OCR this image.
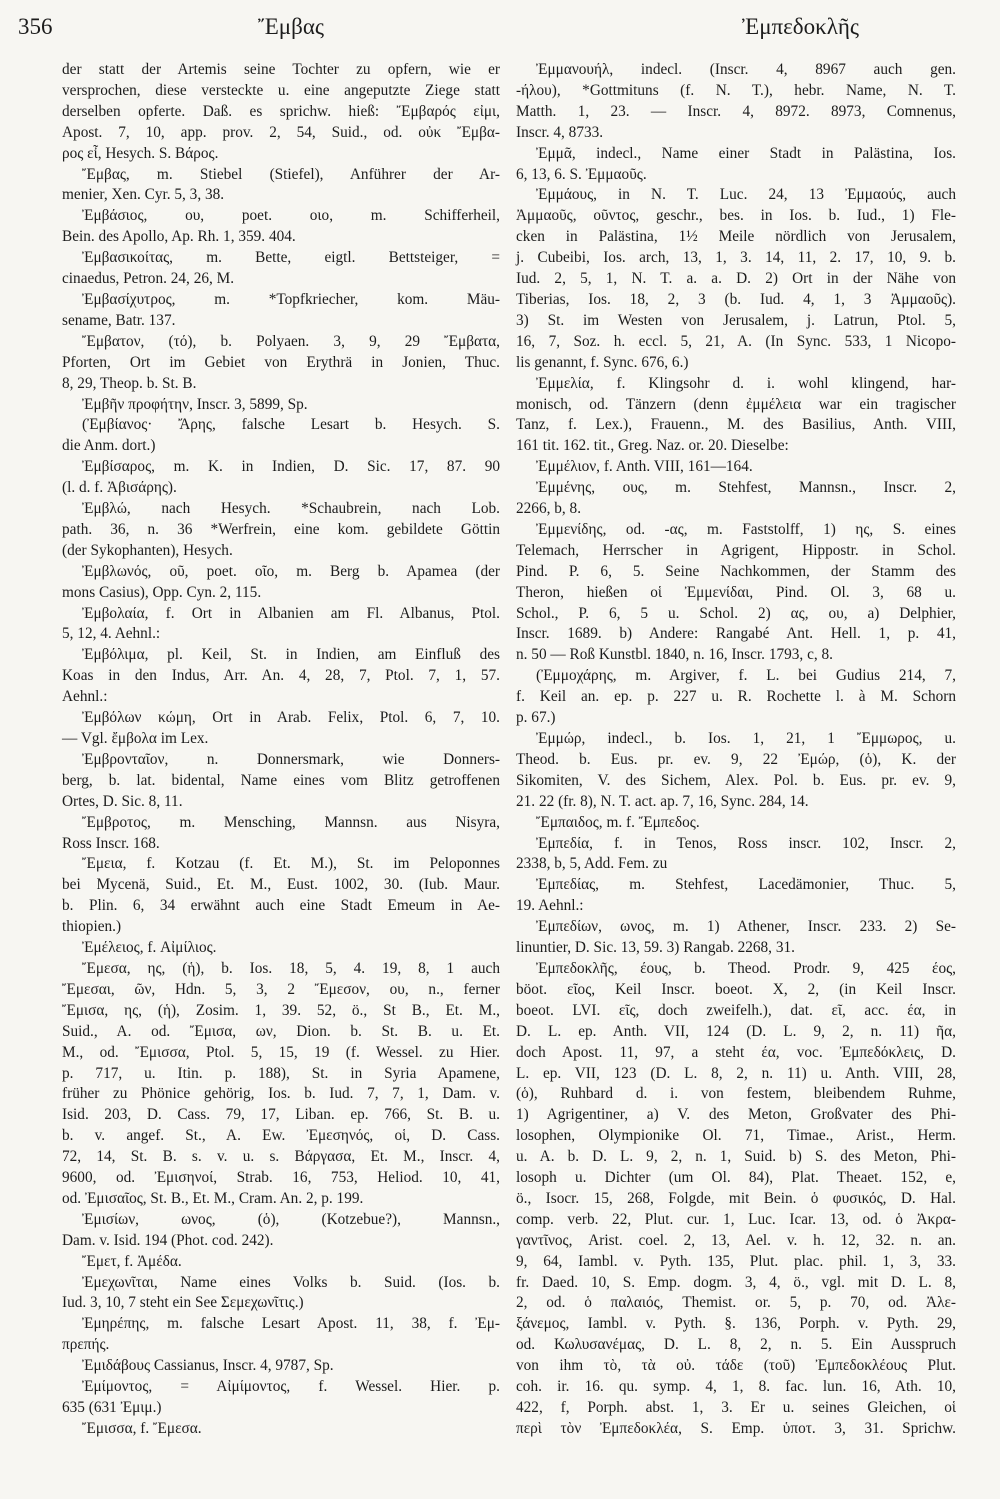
356	Ἔμβας	Ἐμπεδοκλῆς
der statt der Artemis seine Tochter zu opfern, wie er
versprochen, diese versteckte u. eine angeputzte Ziege statt
derselben opferte. Daß. es sprichw. hieß: Ἔμβαρός εἰμι,
Apost. 7, 10, app. prov. 2, 54, Suid., od. οὐκ Ἔμβα-
ρος εἶ, Hesych. S. Βάρος.
Ἔμβας, m. Stiebel (Stiefel), Anführer der Ar-
menier, Xen. Cyr. 5, 3, 38.
Ἐμβάσιος, ου, poet. οιο, m. Schifferheil,
Bein. des Apollo, Ap. Rh. 1, 359. 404.
Ἐμβασικοίτας, m. Bette, eigtl. Bettsteiger, =
cinaedus, Petron. 24, 26, M.
Ἐμβασίχυτρος, m. *Topfkriecher, kom. Mäu-
sename, Batr. 137.
Ἔμβατον, (τό), b. Polyaen. 3, 9, 29 Ἔμβατα,
Pforten, Ort im Gebiet von Erythrä in Jonien, Thuc.
8, 29, Theop. b. St. B.
Ἐμβῆν προφήτην, Inscr. 3, 5899, Sp.
(Ἐμβίανος· Ἄρης, falsche Lesart b. Hesych. S.
die Anm. dort.)
Ἐμβίσαρος, m. K. in Indien, D. Sic. 17, 87. 90
(l. d. f. Ἀβισάρης).
Ἐμβλώ, nach Hesych. *Schaubrein, nach Lob.
path. 36, n. 36 *Werfrein, eine kom. gebildete Göttin
(der Sykophanten), Hesych.
Ἐμβλωνός, οῦ, poet. οῖο, m. Berg b. Apamea (der
mons Casius), Opp. Cyn. 2, 115.
Ἐμβολαία, f. Ort in Albanien am Fl. Albanus, Ptol.
5, 12, 4. Aehnl.:
Ἐμβόλιμα, pl. Keil, St. in Indien, am Einfluß des
Koas in den Indus, Arr. An. 4, 28, 7, Ptol. 7, 1, 57.
Aehnl.:
Ἐμβόλων κώμη, Ort in Arab. Felix, Ptol. 6, 7, 10.
— Vgl. ἔμβολα im Lex.
Ἐμβρονταῖον, n. Donnersmark, wie Donners-
berg, b. lat. bidental, Name eines vom Blitz getroffenen
Ortes, D. Sic. 8, 11.
Ἔμβροτος, m. Mensching, Mannsn. aus Nisyra,
Ross Inscr. 168.
Ἔμεια, f. Kotzau (f. Et. M.), St. im Peloponnes
bei Mycenä, Suid., Et. M., Eust. 1002, 30. (Iub. Maur.
b. Plin. 6, 34 erwähnt auch eine Stadt Emeum in Ae-
thiopien.)
Ἐμέλειος, f. Αἰμίλιος.
Ἔμεσα, ης, (ἡ), b. Ios. 18, 5, 4. 19, 8, 1 auch
Ἔμεσαι, ῶν, Hdn. 5, 3, 2 Ἔμεσον, ου, n., ferner
Ἔμισα, ης, (ἡ), Zosim. 1, 39. 52, ö., St B., Et. M.,
Suid., A. od. Ἔμισα, ων, Dion. b. St. B. u. Et.
M., od. Ἔμισσα, Ptol. 5, 15, 19 (f. Wessel. zu Hier.
p. 717, u. Itin. p. 188), St. in Syria Apamene,
früher zu Phönice gehörig, Ios. b. Iud. 7, 7, 1, Dam. v.
Isid. 203, D. Cass. 79, 17, Liban. ep. 766, St. B. u.
b. v. angef. St., A. Ew. Ἐμεσηνός, οἱ, D. Cass.
72, 14, St. B. s. v. u. s. Βάργασα, Et. M., Inscr. 4,
9600, od. Ἐμισηνοί, Strab. 16, 753, Heliod. 10, 41,
od. Ἐμισαῖος, St. B., Et. M., Cram. An. 2, p. 199.
Ἐμισίων, ωνος, (ὁ), (Kotzebue?), Mannsn.,
Dam. v. Isid. 194 (Phot. cod. 242).
Ἔμετ, f. Ἀμέδα.
Ἐμεχωνῖται, Name eines Volks b. Suid. (Ios. b.
Iud. 3, 10, 7 steht ein See Σεμεχωνῖτις.)
Ἐμηρέπης, m. falsche Lesart Apost. 11, 38, f. Ἐμ-
πρεπής.
Ἐμιδάβους Cassianus, Inscr. 4, 9787, Sp.
Ἐμίμοντος, = Αἰμίμοντος, f. Wessel. Hier. p.
635 (631 Ἐμιμ.)
Ἔμισσα, f. Ἔμεσα.
Ἐμμανουήλ, indecl. (Inscr. 4, 8967 auch gen.
-ήλου), *Gottmituns (f. N. T.), hebr. Name, N. T.
Matth. 1, 23. — Inscr. 4, 8972. 8973, Comnenus,
Inscr. 4, 8733.
Ἐμμᾶ, indecl., Name einer Stadt in Palästina, Ios.
6, 13, 6. S. Ἐμμαοῦς.
Ἐμμάους, in N. T. Luc. 24, 13 Ἐμμαούς, auch
Ἀμμαοῦς, οῦντος, geschr., bes. in Ios. b. Iud., 1) Fle-
cken in Palästina, 1½ Meile nördlich von Jerusalem,
j. Cubeibi, Ios. arch, 13, 1, 3. 14, 11, 2. 17, 10, 9. b.
Iud. 2, 5, 1, N. T. a. a. D. 2) Ort in der Nähe von
Tiberias, Ios. 18, 2, 3 (b. Iud. 4, 1, 3 Ἀμμαοῦς).
3) St. im Westen von Jerusalem, j. Latrun, Ptol. 5,
16, 7, Soz. h. eccl. 5, 21, A. (In Sync. 533, 1 Nicopo-
lis genannt, f. Sync. 676, 6.)
Ἐμμελία, f. Klingsohr d. i. wohl klingend, har-
monisch, od. Tänzern (denn ἐμμέλεια war ein tragischer
Tanz, f. Lex.), Frauenn., M. des Basilius, Anth. VIII,
161 tit. 162. tit., Greg. Naz. or. 20. Dieselbe:
Ἐμμέλιον, f. Anth. VIII, 161—164.
Ἐμμένης, ους, m. Stehfest, Mannsn., Inscr. 2,
2266, b, 8.
Ἐμμενίδης, od. -ας, m. Faststolff, 1) ης, S. eines
Telemach, Herrscher in Agrigent, Hippostr. in Schol.
Pind. P. 6, 5. Seine Nachkommen, der Stamm des
Theron, hießen οἱ Ἐμμενίδαι, Pind. Ol. 3, 68 u.
Schol., P. 6, 5 u. Schol. 2) ας, ου, a) Delphier,
Inscr. 1689. b) Andere: Rangabé Ant. Hell. 1, p. 41,
n. 50 — Roß Kunstbl. 1840, n. 16, Inscr. 1793, c, 8.
(Ἐμμοχάρης, m. Argiver, f. L. bei Gudius 214, 7,
f. Keil an. ep. p. 227 u. R. Rochette l. à M. Schorn
p. 67.)
Ἐμμώρ, indecl., b. Ios. 1, 21, 1 Ἔμμωρος, u.
Theod. b. Eus. pr. ev. 9, 22 Ἐμώρ, (ὁ), K. der
Sikomiten, V. des Sichem, Alex. Pol. b. Eus. pr. ev. 9,
21. 22 (fr. 8), N. T. act. ap. 7, 16, Sync. 284, 14.
Ἔμπαιδος, m. f. Ἔμπεδος.
Ἐμπεδία, f. in Tenos, Ross inscr. 102, Inscr. 2,
2338, b, 5, Add. Fem. zu
Ἐμπεδίας, m. Stehfest, Lacedämonier, Thuc. 5,
19. Aehnl.:
Ἐμπεδίων, ωνος, m. 1) Athener, Inscr. 233. 2) Se-
linuntier, D. Sic. 13, 59. 3) Rangab. 2268, 31.
Ἐμπεδοκλῆς, έους, b. Theod. Prodr. 9, 425 έος,
böot. εῖος, Keil Inscr. boeot. X, 2, (in Keil Inscr.
boeot. LVI. εῖς, doch zweifelh.), dat. εῖ, acc. έα, in
D. L. ep. Anth. VII, 124 (D. L. 9, 2, n. 11) ῆα,
doch Apost. 11, 97, a steht έα, voc. Ἐμπεδόκλεις, D.
L. ep. VII, 123 (D. L. 8, 2, n. 11) u. Anth. VIII, 28,
(ὁ), Ruhbard d. i. von festem, bleibendem Ruhme,
1) Agrigentiner, a) V. des Meton, Großvater des Phi-
losophen, Olympionike Ol. 71, Timae., Arist., Herm.
u. A. b. D. L. 9, 2, n. 1, Suid. b) S. des Meton, Phi-
losoph u. Dichter (um Ol. 84), Plat. Theaet. 152, e,
ö., Isocr. 15, 268, Folgde, mit Bein. ὁ φυσικός, D. Hal.
comp. verb. 22, Plut. cur. 1, Luc. Icar. 13, od. ὁ Ἀκρα-
γαντῖνος, Arist. coel. 2, 13, Ael. v. h. 12, 32. n. an.
9, 64, Iambl. v. Pyth. 135, Plut. plac. phil. 1, 3, 33.
fr. Daed. 10, S. Emp. dogm. 3, 4, ö., vgl. mit D. L. 8,
2, od. ὁ παλαιός, Themist. or. 5, p. 70, od. Ἀλε-
ξάνεμος, Iambl. v. Pyth. §. 136, Porph. v. Pyth. 29,
od. Κωλυσανέμας, D. L. 8, 2, n. 5. Ein Ausspruch
von ihm τὸ, τὰ οὐ. τάδε (τοῦ) Ἐμπεδοκλέους Plut.
coh. ir. 16. qu. symp. 4, 1, 8. fac. lun. 16, Ath. 10,
422, f, Porph. abst. 1, 3. Er u. seines Gleichen, οἱ
περὶ τὸν Ἐμπεδοκλέα, S. Emp. ὑποτ. 3, 31. Sprichw.
